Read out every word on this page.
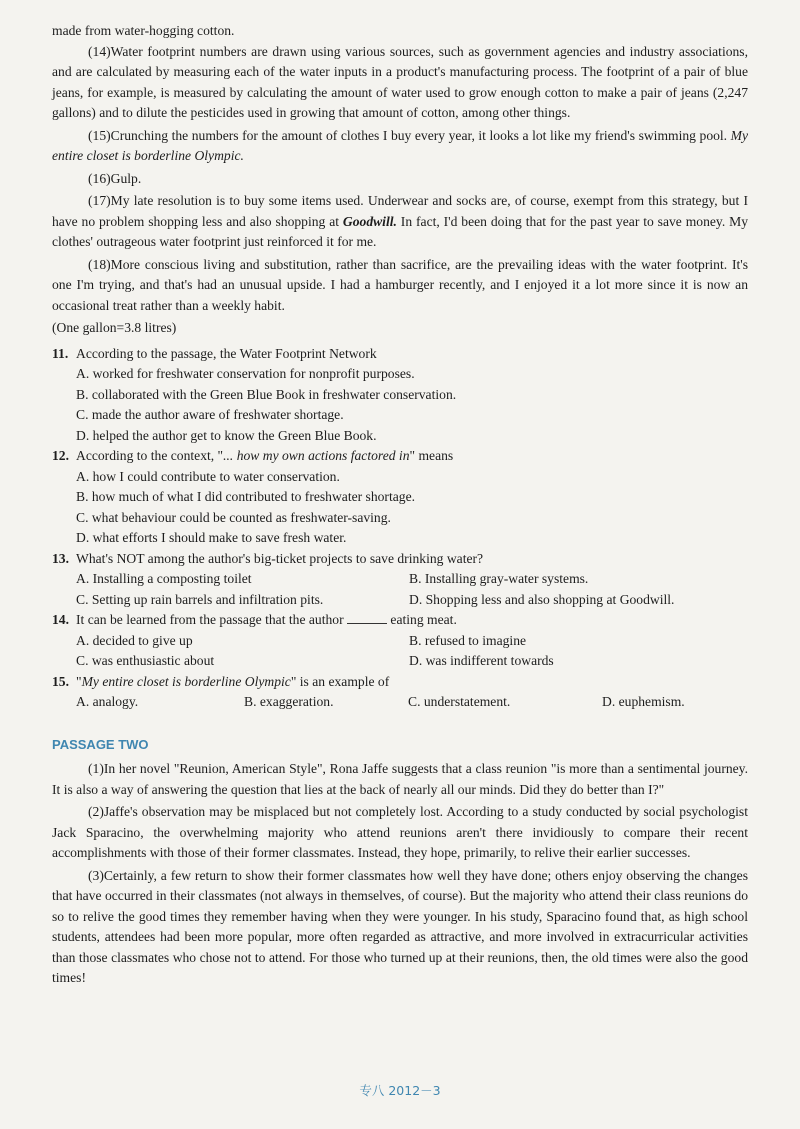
made from water-hogging cotton.

(14)Water footprint numbers are drawn using various sources, such as government agencies and industry associations, and are calculated by measuring each of the water inputs in a product's manufacturing process. The footprint of a pair of blue jeans, for example, is measured by calculating the amount of water used to grow enough cotton to make a pair of jeans (2,247 gallons) and to dilute the pesticides used in growing that amount of cotton, among other things.

(15)Crunching the numbers for the amount of clothes I buy every year, it looks a lot like my friend's swimming pool. My entire closet is borderline Olympic.

(16)Gulp.

(17)My late resolution is to buy some items used. Underwear and socks are, of course, exempt from this strategy, but I have no problem shopping less and also shopping at Goodwill. In fact, I'd been doing that for the past year to save money. My clothes' outrageous water footprint just reinforced it for me.

(18)More conscious living and substitution, rather than sacrifice, are the prevailing ideas with the water footprint. It's one I'm trying, and that's had an unusual upside. I had a hamburger recently, and I enjoyed it a lot more since it is now an occasional treat rather than a weekly habit.

(One gallon=3.8 litres)

11. According to the passage, the Water Footprint Network
A. worked for freshwater conservation for nonprofit purposes.
B. collaborated with the Green Blue Book in freshwater conservation.
C. made the author aware of freshwater shortage.
D. helped the author get to know the Green Blue Book.
12. According to the context, "... how my own actions factored in" means
A. how I could contribute to water conservation.
B. how much of what I did contributed to freshwater shortage.
C. what behaviour could be counted as freshwater-saving.
D. what efforts I should make to save fresh water.
13. What's NOT among the author's big-ticket projects to save drinking water?
A. Installing a composting toilet	B. Installing gray-water systems.
C. Setting up rain barrels and infiltration pits.	D. Shopping less and also shopping at Goodwill.
14. It can be learned from the passage that the author	eating meat.
A. decided to give up	B. refused to imagine
C. was enthusiastic about	D. was indifferent towards
15. "My entire closet is borderline Olympic" is an example of
A. analogy.	B. exaggeration.	C. understatement.	D. euphemism.
PASSAGE TWO

(1)In her novel "Reunion, American Style", Rona Jaffe suggests that a class reunion "is more than a sentimental journey. It is also a way of answering the question that lies at the back of nearly all our minds. Did they do better than I?"

(2)Jaffe's observation may be misplaced but not completely lost. According to a study conducted by social psychologist Jack Sparacino, the overwhelming majority who attend reunions aren't there invidiously to compare their recent accomplishments with those of their former classmates. Instead, they hope, primarily, to relive their earlier successes.

(3)Certainly, a few return to show their former classmates how well they have done; others enjoy observing the changes that have occurred in their classmates (not always in themselves, of course). But the majority who attend their class reunions do so to relive the good times they remember having when they were younger. In his study, Sparacino found that, as high school students, attendees had been more popular, more often regarded as attractive, and more involved in extracurricular activities than those classmates who chose not to attend. For those who turned up at their reunions, then, the old times were also the good times!

专八 2012－3
